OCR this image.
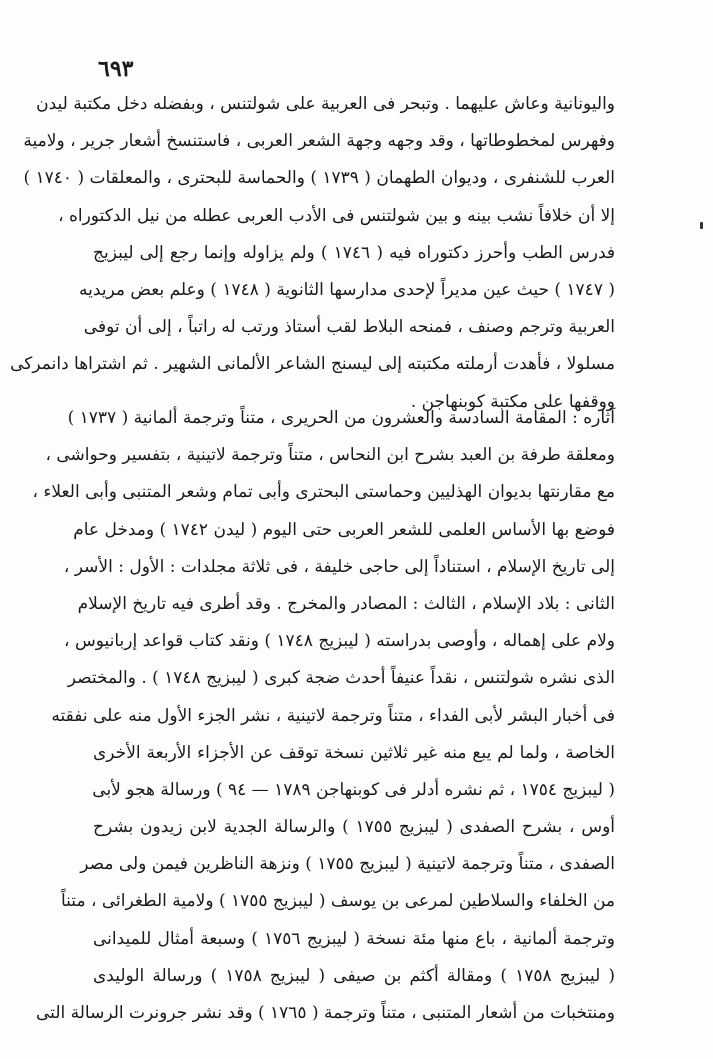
٦٩٣
واليونانية وعاش عليهما . وتبحر فى العربية على شولتنس ، وبفضله دخل مكتبة ليدن
وفهرس لمخطوطاتها ، وقد وجهه وجهة الشعر العربى ، فاستنسخ أشعار جرير ، ولامية
العرب للشنفرى ، وديوان الطهمان ( ١٧٣٩ ) والحماسة للبحترى ، والمعلقات ( ١٧٤٠ )
إلا أن خلافاً نشب بينه و بين شولتنس فى الأدب العربى عطله من نيل الدكتوراه ،
فدرس الطب وأحرز دكتوراه فيه ( ١٧٤٦ ) ولم يزاوله وإنما رجع إلى ليبزيج
( ١٧٤٧ ) حيث عين مديراً لإحدى مدارسها الثانوية ( ١٧٤٨ ) وعلم بعض مريديه
العربية وترجم وصنف ، فمنحه البلاط لقب أستاذ ورتب له راتباً ، إلى أن توفى
مسلولا ، فأهدت أرملته مكتبته إلى ليسنج الشاعر الألمانى الشهير . ثم اشتراها دانمركى
ووقفها على مكتبة كوبنهاجن .
آثاره : المقامة السادسة والعشرون من الحريرى ، متناً وترجمة ألمانية ( ١٧٣٧ )
ومعلقة طرفة بن العبد بشرح ابن النحاس ، متناً وترجمة لاتينية ، بتفسير وحواشى ،
مع مقارنتها بديوان الهذليين وحماستى البحترى وأبى تمام وشعر المتنبى وأبى العلاء ،
فوضع بها الأساس العلمى للشعر العربى حتى اليوم ( ليدن ١٧٤٢ ) ومدخل عام
إلى تاريخ الإسلام ، استناداً إلى حاجى خليفة ، فى ثلاثة مجلدات : الأول : الأسر ،
الثانى : بلاد الإسلام ، الثالث : المصادر والمخرج . وقد أطرى فيه تاريخ الإسلام
ولام على إهماله ، وأوصى بدراسته ( ليبزيج ١٧٤٨ ) ونقد كتاب قواعد إربانيوس ،
الذى نشره شولتنس ، نقداً عنيفاً أحدث ضجة كبرى ( ليبزيج ١٧٤٨ ) . والمختصر
فى أخبار البشر لأبى الفداء ، متناً وترجمة لاتينية ، نشر الجزء الأول منه على نفقته
الخاصة ، ولما لم يبع منه غير ثلاثين نسخة توقف عن الأجزاء الأربعة الأخرى
( ليبزيج ١٧٥٤ ، ثم نشره أدلر فى كوبنهاجن ١٧٨٩ — ٩٤ ) ورسالة هجو لأبى
أوس ، بشرح الصفدى ( ليبزيج ١٧٥٥ ) والرسالة الجدية لابن زيدون بشرح
الصفدى ، متناً وترجمة لاتينية ( ليبزيج ١٧٥٥ ) ونزهة الناظرين فيمن ولى مصر
من الخلفاء والسلاطين لمرعى بن يوسف ( ليبزيج ١٧٥٥ ) ولامية الطغرائى ، متناً
وترجمة ألمانية ، باع منها مئة نسخة ( ليبزيج ١٧٥٦ ) وسبعة أمثال للميدانى
( ليبزيج ١٧٥٨ ) ومقالة أكثم بن صيفى ( ليبزيج ١٧٥٨ ) ورسالة الوليدى
ومنتخبات من أشعار المتنبى ، متناً وترجمة ( ١٧٦٥ ) وقد نشر جرونرت الرسالة التى
